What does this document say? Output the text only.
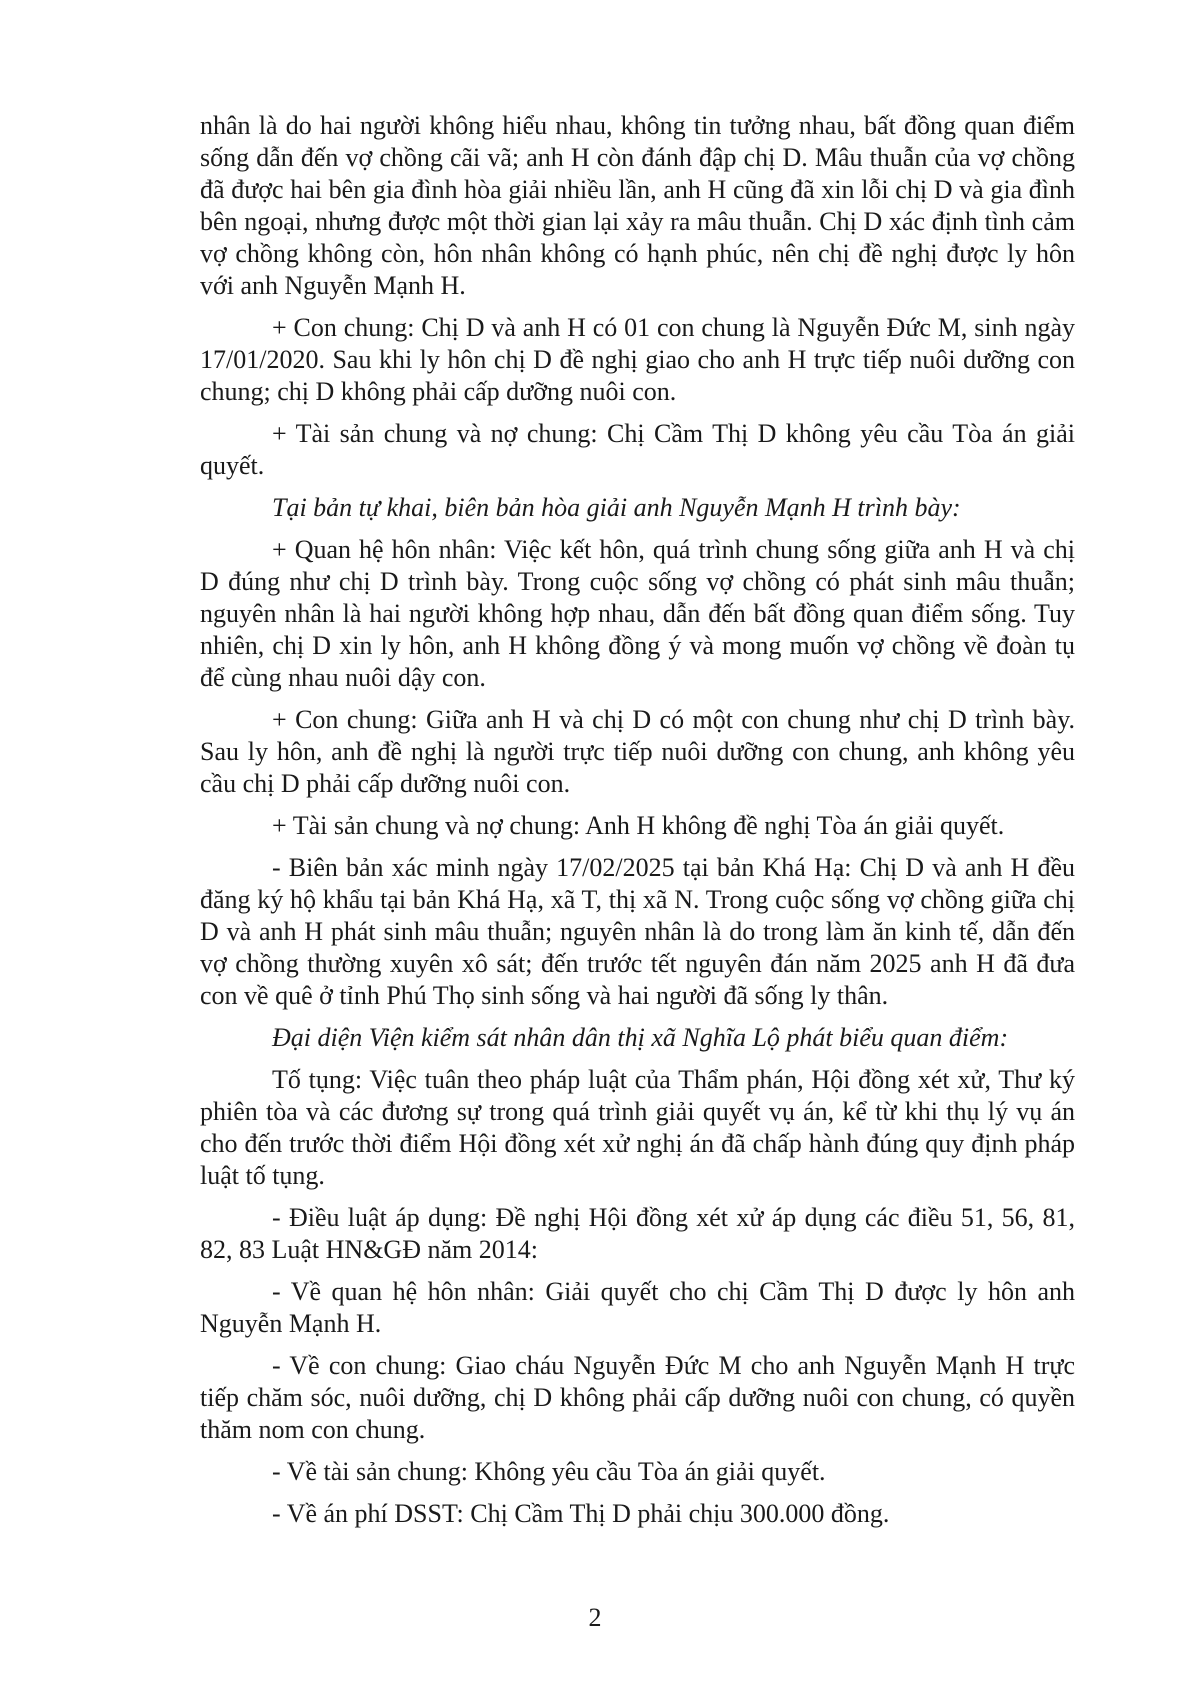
nhân là do hai người không hiểu nhau, không tin tưởng nhau, bất đồng quan điểm sống dẫn đến vợ chồng cãi vã; anh H còn đánh đập chị D. Mâu thuẫn của vợ chồng đã được hai bên gia đình hòa giải nhiều lần, anh H cũng đã xin lỗi chị D và gia đình bên ngoại, nhưng được một thời gian lại xảy ra mâu thuẫn. Chị D xác định tình cảm vợ chồng không còn, hôn nhân không có hạnh phúc, nên chị đề nghị được ly hôn với anh Nguyễn Mạnh H.

+ Con chung: Chị D và anh H có 01 con chung là Nguyễn Đức M, sinh ngày 17/01/2020. Sau khi ly hôn chị D đề nghị giao cho anh H trực tiếp nuôi dưỡng con chung; chị D không phải cấp dưỡng nuôi con.

+ Tài sản chung và nợ chung: Chị Cầm Thị D không yêu cầu Tòa án giải quyết.

Tại bản tự khai, biên bản hòa giải anh Nguyễn Mạnh H trình bày:

+ Quan hệ hôn nhân: Việc kết hôn, quá trình chung sống giữa anh H và chị D đúng như chị D trình bày. Trong cuộc sống vợ chồng có phát sinh mâu thuẫn; nguyên nhân là hai người không hợp nhau, dẫn đến bất đồng quan điểm sống. Tuy nhiên, chị D xin ly hôn, anh H không đồng ý và mong muốn vợ chồng về đoàn tụ để cùng nhau nuôi dậy con.

+ Con chung: Giữa anh H và chị D có một con chung như chị D trình bày. Sau ly hôn, anh đề nghị là người trực tiếp nuôi dưỡng con chung, anh không yêu cầu chị D phải cấp dưỡng nuôi con.

+ Tài sản chung và nợ chung: Anh H không đề nghị Tòa án giải quyết.

- Biên bản xác minh ngày 17/02/2025 tại bản Khá Hạ: Chị D và anh H đều đăng ký hộ khẩu tại bản Khá Hạ, xã T, thị xã N. Trong cuộc sống vợ chồng giữa chị D và anh H phát sinh mâu thuẫn; nguyên nhân là do trong làm ăn kinh tế, dẫn đến vợ chồng thường xuyên xô sát; đến trước tết nguyên đán năm 2025 anh H đã đưa con về quê ở tỉnh Phú Thọ sinh sống và hai người đã sống ly thân.

Đại diện Viện kiểm sát nhân dân thị xã Nghĩa Lộ phát biểu quan điểm:

Tố tụng: Việc tuân theo pháp luật của Thẩm phán, Hội đồng xét xử, Thư ký phiên tòa và các đương sự trong quá trình giải quyết vụ án, kể từ khi thụ lý vụ án cho đến trước thời điểm Hội đồng xét xử nghị án đã chấp hành đúng quy định pháp luật tố tụng.

- Điều luật áp dụng: Đề nghị Hội đồng xét xử áp dụng các điều 51, 56, 81, 82, 83 Luật HN&GĐ năm 2014:

- Về quan hệ hôn nhân: Giải quyết cho chị Cầm Thị D được ly hôn anh Nguyễn Mạnh H.

- Về con chung: Giao cháu Nguyễn Đức M cho anh Nguyễn Mạnh H trực tiếp chăm sóc, nuôi dưỡng, chị D không phải cấp dưỡng nuôi con chung, có quyền thăm nom con chung.

- Về tài sản chung: Không yêu cầu Tòa án giải quyết.

- Về án phí DSST: Chị Cầm Thị D phải chịu 300.000 đồng.

2
